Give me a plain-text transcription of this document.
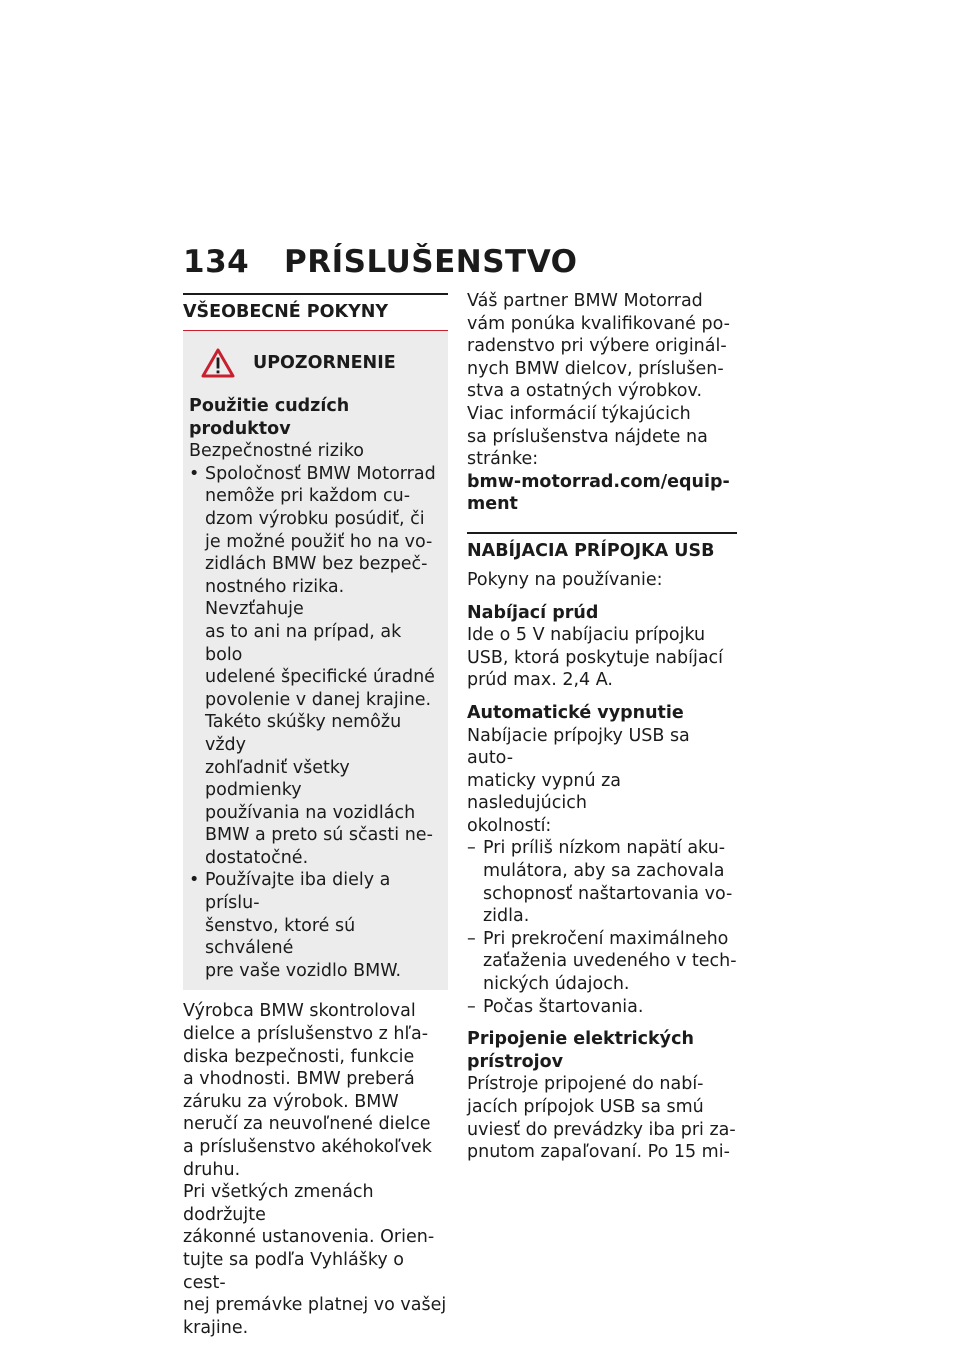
134	PRÍSLUŠENSTVO
VŠEOBECNÉ POKYNY
UPOZORNENIE

Použitie cudzích produktov

Bezpečnostné riziko

• Spoločnosť BMW Motorrad
nemôže pri každom cu-
dzom výrobku posúdiť, či
je možné použiť ho na vo-
zidlách BMW bez bezpeč-
nostného rizika. Nevzťahuje
as to ani na prípad, ak bolo
udelené špecifické úradné
povolenie v danej krajine.
Takéto skúšky nemôžu vždy
zohľadniť všetky podmienky
používania na vozidlách
BMW a preto sú sčasti ne-
dostatočné.
• Používajte iba diely a príslu-
šenstvo, ktoré sú schválené
pre vaše vozidlo BMW.

Výrobca BMW skontroloval

dielce a príslušenstvo z hľa-

diska bezpečnosti, funkcie

a vhodnosti. BMW preberá

záruku za výrobok. BMW

neručí za neuvoľnené dielce

a príslušenstvo akéhokoľvek

druhu.

Pri všetkých zmenách dodržujte

zákonné ustanovenia. Orien-

tujte sa podľa Vyhlášky o cest-

nej premávke platnej vo vašej

krajine.

Váš partner BMW Motorrad

vám ponúka kvalifikované po-

radenstvo pri výbere originál-

nych BMW dielcov, príslušen-

stva a ostatných výrobkov.

Viac informácií týkajúcich

sa príslušenstva nájdete na

stránke:

bmw-motorrad.com/equip-

ment

NABÍJACIA PRÍPOJKA USB

Pokyny na používanie:

Nabíjací prúd

Ide o 5 V nabíjaciu prípojku

USB, ktorá poskytuje nabíjací

prúd max. 2,4 A.

Automatické vypnutie

Nabíjacie prípojky USB sa auto-

maticky vypnú za nasledujúcich

okolností:

– Pri príliš nízkom napätí aku-
mulátora, aby sa zachovala
schopnosť naštartovania vo-
zidla.
– Pri prekročení maximálneho
zaťaženia uvedeného v tech-
nických údajoch.
– Počas štartovania.

Pripojenie elektrických

prístrojov

Prístroje pripojené do nabí-

jacích prípojok USB sa smú

uviesť do prevádzky iba pri za-

pnutom zapaľovaní. Po 15 mi-
